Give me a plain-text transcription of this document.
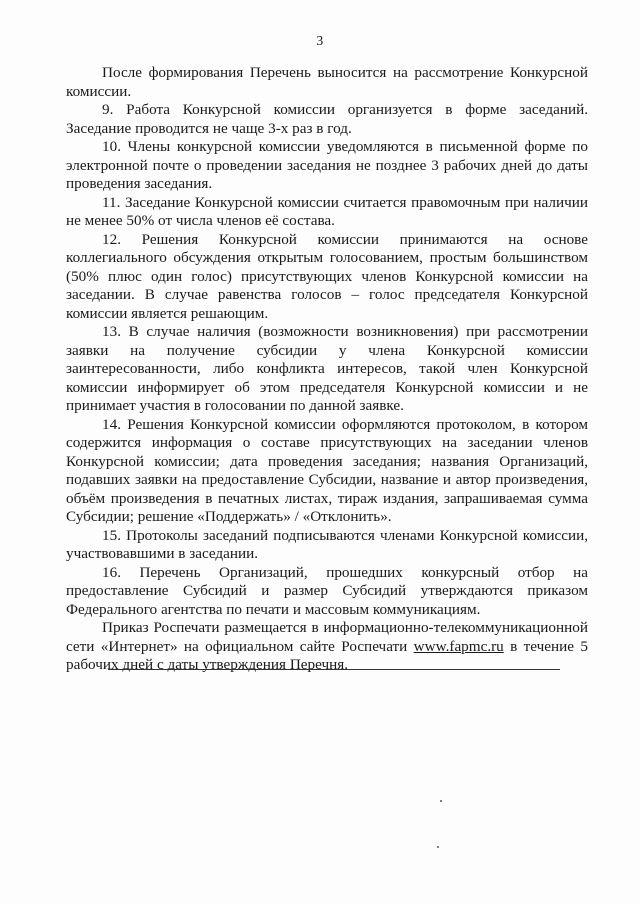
3

После формирования Перечень выносится на рассмотрение Конкурсной комиссии.

9. Работа Конкурсной комиссии организуется в форме заседаний. Заседание проводится не чаще 3-х раз в год.

10. Члены конкурсной комиссии уведомляются в письменной форме по электронной почте о проведении заседания не позднее 3 рабочих дней до даты проведения заседания.

11. Заседание Конкурсной комиссии считается правомочным при наличии не менее 50% от числа членов её состава.

12. Решения Конкурсной комиссии принимаются на основе коллегиального обсуждения открытым голосованием, простым большинством (50% плюс один голос) присутствующих членов Конкурсной комиссии на заседании. В случае равенства голосов – голос председателя Конкурсной комиссии является решающим.

13. В случае наличия (возможности возникновения) при рассмотрении заявки на получение субсидии у члена Конкурсной комиссии заинтересованности, либо конфликта интересов, такой член Конкурсной комиссии информирует об этом председателя Конкурсной комиссии и не принимает участия в голосовании по данной заявке.

14. Решения Конкурсной комиссии оформляются протоколом, в котором содержится информация о составе присутствующих на заседании членов Конкурсной комиссии; дата проведения заседания; названия Организаций, подавших заявки на предоставление Субсидии, название и автор произведения, объём произведения в печатных листах, тираж издания, запрашиваемая сумма Субсидии; решение «Поддержать» / «Отклонить».

15. Протоколы заседаний подписываются членами Конкурсной комиссии, участвовавшими в заседании.

16. Перечень Организаций, прошедших конкурсный отбор на предоставление Субсидий и размер Субсидий утверждаются приказом Федерального агентства по печати и массовым коммуникациям.

Приказ Роспечати размещается в информационно-телекоммуникационной сети «Интернет» на официальном сайте Роспечати www.fapmc.ru в течение 5 рабочих дней с даты утверждения Перечня.
